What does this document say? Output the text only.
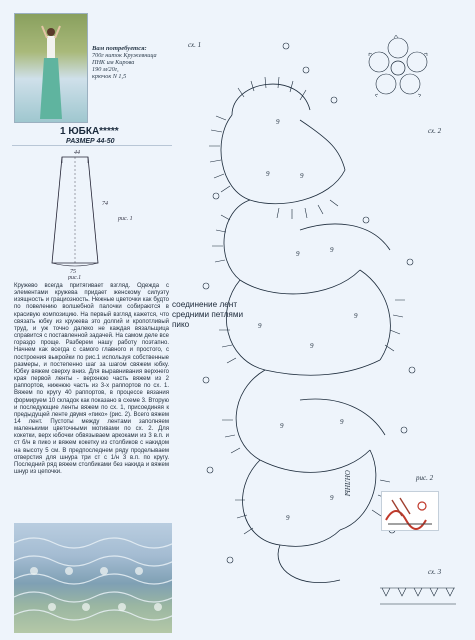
Вам потребуется:
700г ниток Кружевница
ПНК им Кирова
190 м/20г,
крючок N 1,5
1 ЮБКА*****
РАЗМЕР 44-50
44
74
75
рис. 1
рис.1
Кружево всегда притягивает взгляд. Одежда с элементами кружева придает женскому силуэту изящность и грациозность. Нежные цветочки как будто по повелению волшебной палочки собираются в красивую композицию. На первый взгляд кажется, что связать юбку из кружева это долгий и кропотливый труд, и уж точно далеко не каждая вязальщица справится с поставленной задачей. На самом деле все гораздо проще. Разберем нашу работу поэтапно. Начнем как всегда с самого главного и простого, с построения выкройки по рис.1 используя собственные размеры, и постепенно шаг за шагом свяжем юбку. Юбку вяжем сверху вниз. Для выравнивания верхнего края первой ленты - верхнюю часть вяжем из 2 раппортов, нижнюю часть из 3-х раппортов по сх. 1. Вяжем по кругу 40 раппортов, в процессе вязания формируем 10 складок как показано в схеме 3. Вторую и последующие ленты вяжем по сх. 1, присоединяя к предыдущей ленте двумя «пико» (рис. 2). Всего вяжем 14 лент. Пустоты между лентами заполняем маленькими цветочными мотивами по сх. 2. Для кокетки, верх юбочки обвязываем аркоками из 3 в.п. и ст б/н в пико и вяжем кокетку из столбиков с накидом на высоту 5 см. В предпоследнем ряду проделываем отверстия для шнура три ст с 1/н 3 в.п. по кругу. Последний ряд вяжем столбиками без накида и вяжем шнур из цепочки.
сх. 1
сх. 2
9
9	9
9
9
9
9
9
9
9
9
9
ОНЛНЫ	рис. 2
сх. 3
соединение лент
средними петлями
пико
